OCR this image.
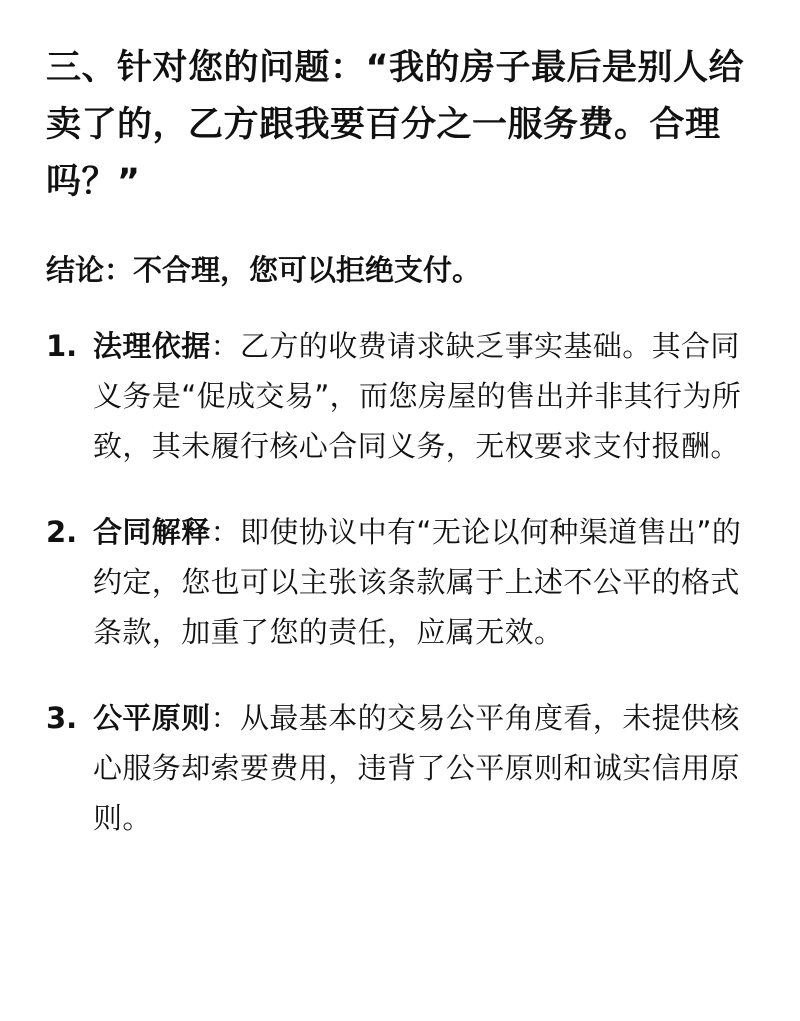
三、针对您的问题：“我的房子最后是别人给卖了的，乙方跟我要百分之一服务费。合理吗？”

结论：不合理，您可以拒绝支付。

1. 法理依据：乙方的收费请求缺乏事实基础。其合同义务是“促成交易”，而您房屋的售出并非其行为所致，其未履行核心合同义务，无权要求支付报酬。
2. 合同解释：即使协议中有“无论以何种渠道售出”的约定，您也可以主张该条款属于上述不公平的格式条款，加重了您的责任，应属无效。
3. 公平原则：从最基本的交易公平角度看，未提供核心服务却索要费用，违背了公平原则和诚实信用原则。
